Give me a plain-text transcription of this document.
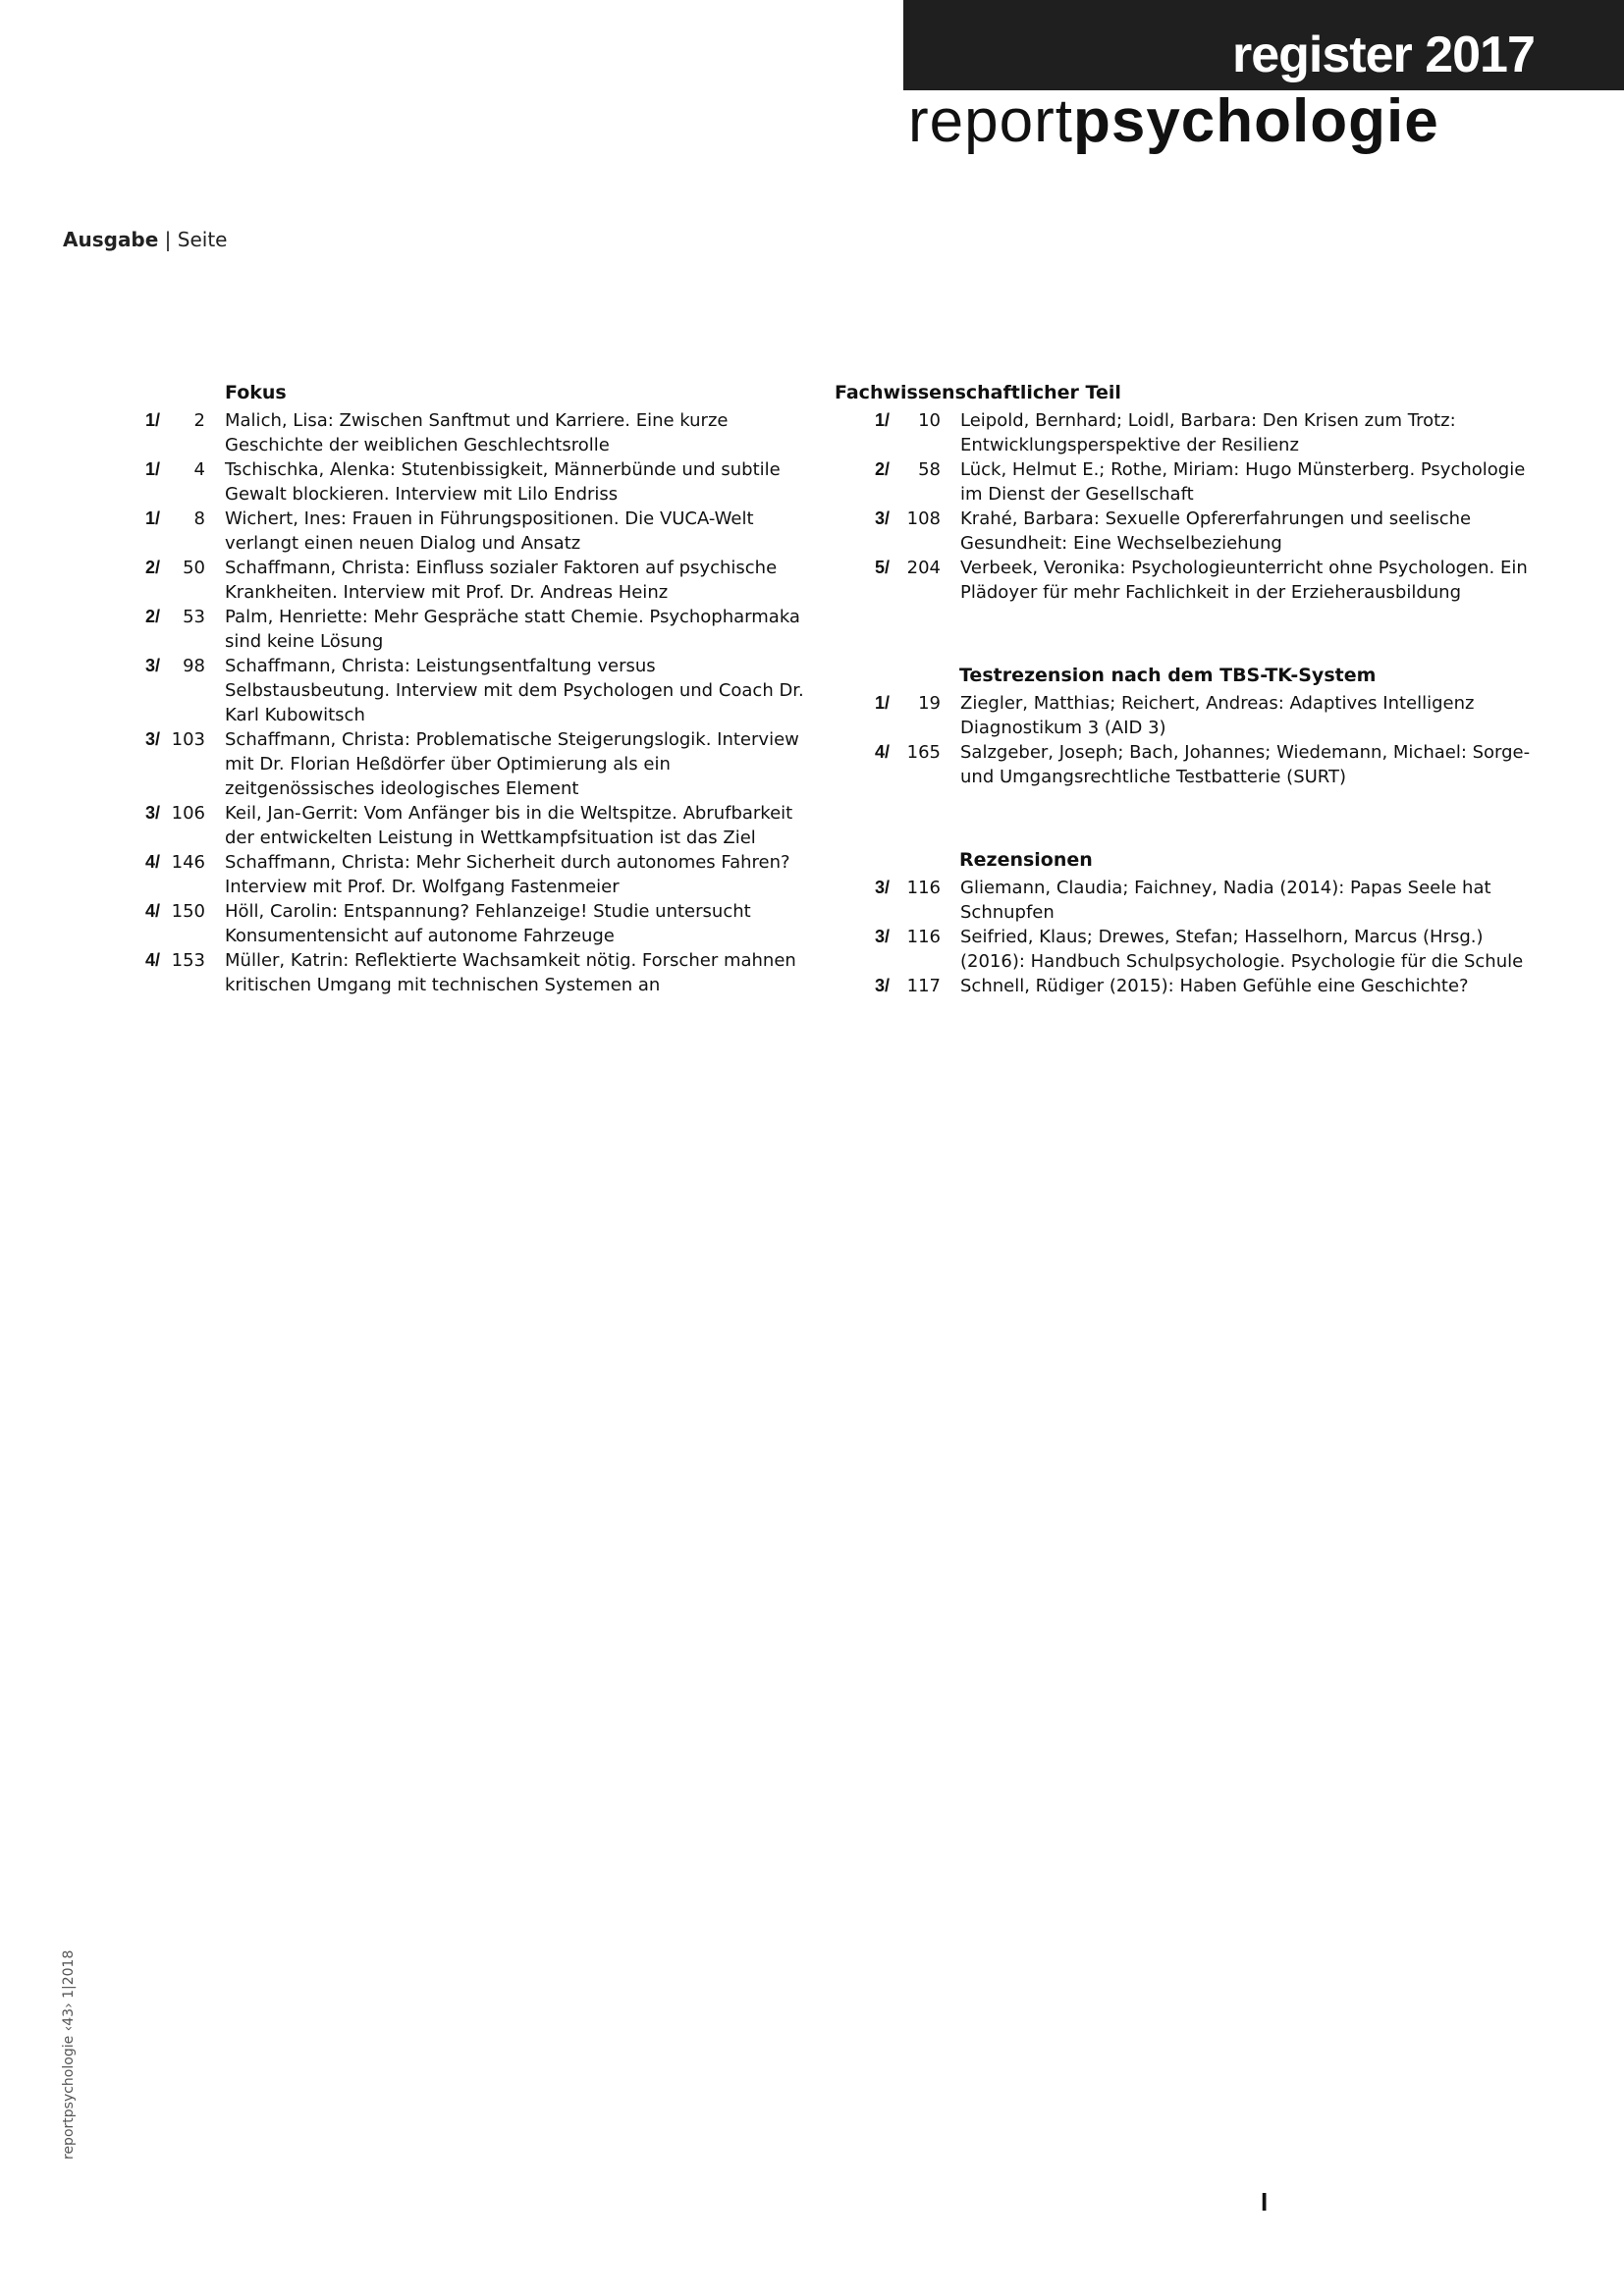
register 2017
reportpsychologie
Ausgabe | Seite
Fokus
1/	2	Malich, Lisa: Zwischen Sanftmut und Karriere. Eine kurze Geschichte der weiblichen Geschlechtsrolle
1/	4	Tschischka, Alenka: Stutenbissigkeit, Männerbünde und subtile Gewalt blockieren. Interview mit Lilo Endriss
1/	8	Wichert, Ines: Frauen in Führungspositionen. Die VUCA-Welt verlangt einen neuen Dialog und Ansatz
2/	50	Schaffmann, Christa: Einfluss sozialer Faktoren auf psychische Krankheiten. Interview mit Prof. Dr. Andreas Heinz
2/	53	Palm, Henriette: Mehr Gespräche statt Chemie. Psychopharmaka sind keine Lösung
3/	98	Schaffmann, Christa: Leistungsentfaltung versus Selbstausbeutung. Interview mit dem Psychologen und Coach Dr. Karl Kubowitsch
3/ 103	Schaffmann, Christa: Problematische Steigerungslogik. Interview mit Dr. Florian Heßdörfer über Optimierung als ein zeitgenössisches ideologisches Element
3/ 106	Keil, Jan-Gerrit: Vom Anfänger bis in die Weltspitze. Abrufbarkeit der entwickelten Leistung in Wettkampfsituation ist das Ziel
4/ 146	Schaffmann, Christa: Mehr Sicherheit durch autonomes Fahren? Interview mit Prof. Dr. Wolfgang Fastenmeier
4/ 150	Höll, Carolin: Entspannung? Fehlanzeige! Studie untersucht Konsumentensicht auf autonome Fahrzeuge
4/ 153	Müller, Katrin: Reflektierte Wachsamkeit nötig. Forscher mahnen kritischen Umgang mit technischen Systemen an
Fachwissenschaftlicher Teil
1/	10	Leipold, Bernhard; Loidl, Barbara: Den Krisen zum Trotz: Entwicklungsperspektive der Resilienz
2/	58	Lück, Helmut E.; Rothe, Miriam: Hugo Münsterberg. Psychologie im Dienst der Gesellschaft
3/ 108	Krahé, Barbara: Sexuelle Opfererfahrungen und seelische Gesundheit: Eine Wechselbeziehung
5/ 204	Verbeek, Veronika: Psychologieunterricht ohne Psychologen. Ein Plädoyer für mehr Fachlichkeit in der Erzieherausbildung
Testrezension nach dem TBS-TK-System
1/	19	Ziegler, Matthias; Reichert, Andreas: Adaptives Intelligenz Diagnostikum 3 (AID 3)
4/ 165	Salzgeber, Joseph; Bach, Johannes; Wiedemann, Michael: Sorge- und Umgangsrechtliche Testbatterie (SURT)
Rezensionen
3/ 116	Gliemann, Claudia; Faichney, Nadia (2014): Papas Seele hat Schnupfen
3/ 116	Seifried, Klaus; Drewes, Stefan; Hasselhorn, Marcus (Hrsg.) (2016): Handbuch Schulpsychologie. Psychologie für die Schule
3/ 117	Schnell, Rüdiger (2015): Haben Gefühle eine Geschichte?
reportpsychologie ‹43› 1|2018
I
